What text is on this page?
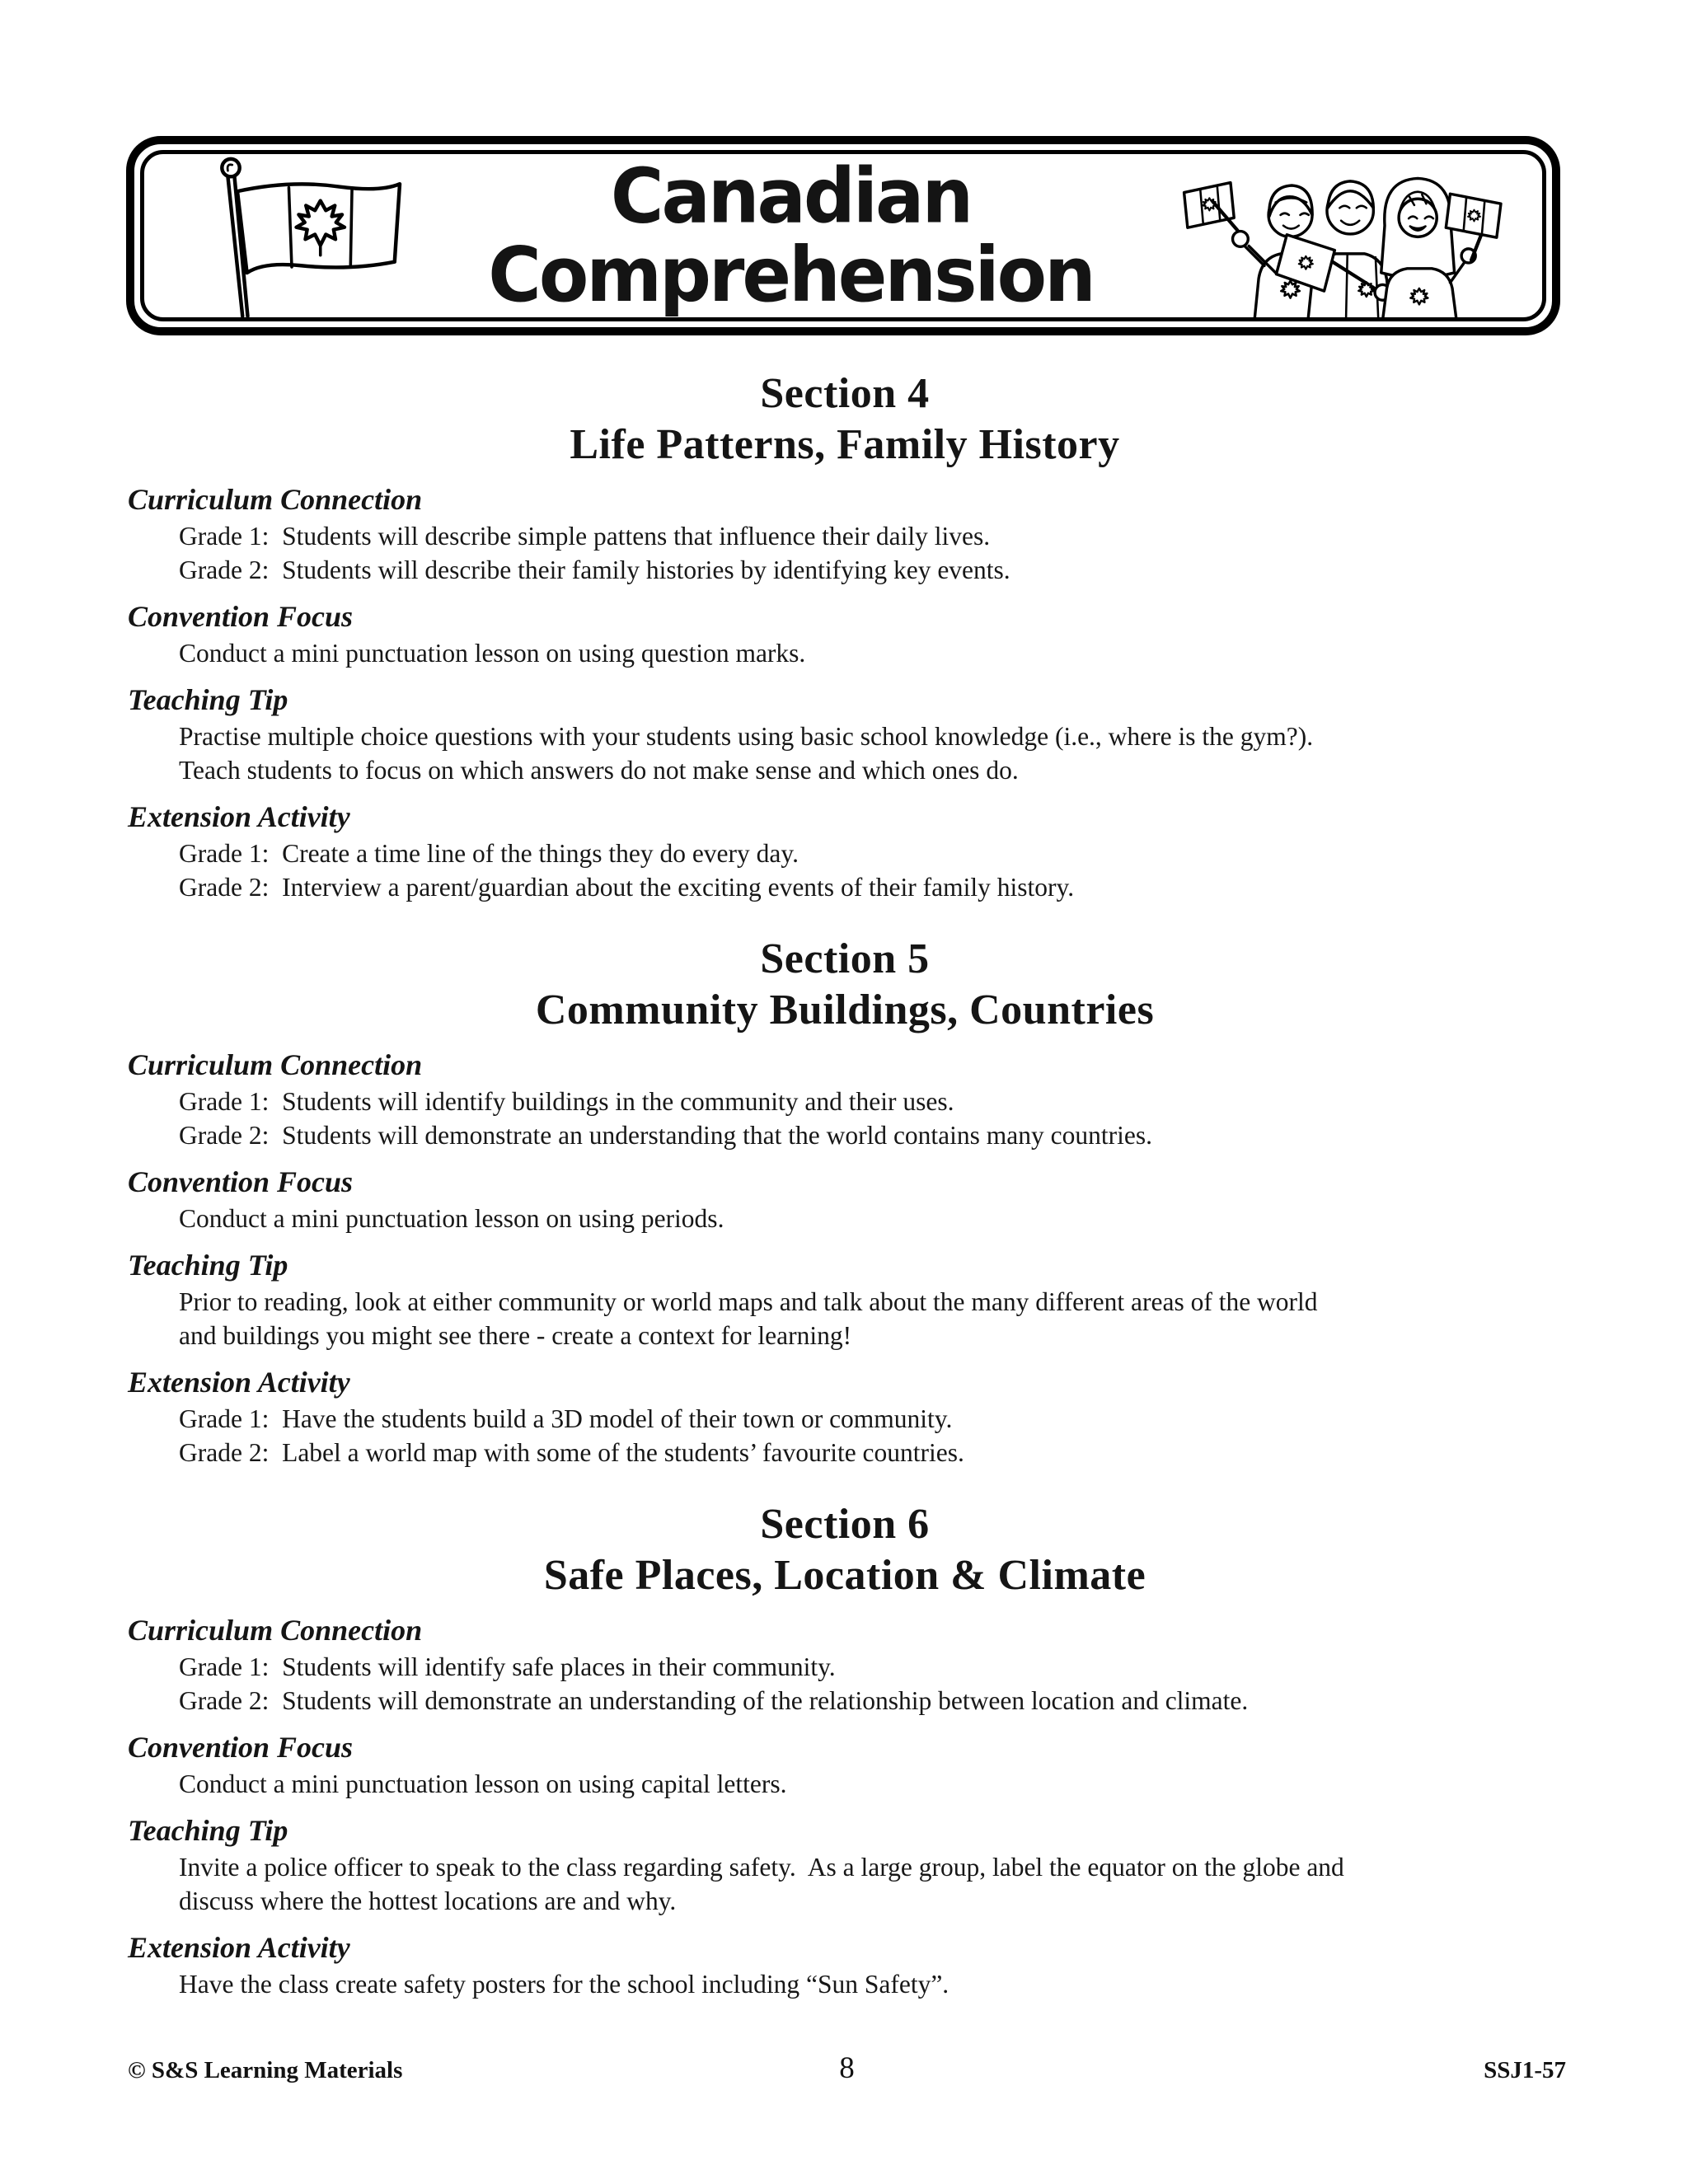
Canadian
Comprehension
Section 4
Life Patterns, Family History
Curriculum Connection

Grade 1:  Students will describe simple pattens that influence their daily lives.

Grade 2:  Students will describe their family histories by identifying key events.

Convention Focus

Conduct a mini punctuation lesson on using question marks.

Teaching Tip

Practise multiple choice questions with your students using basic school knowledge (i.e., where is the gym?).

Teach students to focus on which answers do not make sense and which ones do.

Extension Activity

Grade 1:  Create a time line of the things they do every day.

Grade 2:  Interview a parent/guardian about the exciting events of their family history.

Section 5
Community Buildings, Countries
Curriculum Connection

Grade 1:  Students will identify buildings in the community and their uses.

Grade 2:  Students will demonstrate an understanding that the world contains many countries.

Convention Focus

Conduct a mini punctuation lesson on using periods.

Teaching Tip

Prior to reading, look at either community or world maps and talk about the many different areas of the world

and buildings you might see there - create a context for learning!

Extension Activity

Grade 1:  Have the students build a 3D model of their town or community.

Grade 2:  Label a world map with some of the students’ favourite countries.

Section 6
Safe Places, Location & Climate
Curriculum Connection

Grade 1:  Students will identify safe places in their community.

Grade 2:  Students will demonstrate an understanding of the relationship between location and climate.

Convention Focus

Conduct a mini punctuation lesson on using capital letters.

Teaching Tip

Invite a police officer to speak to the class regarding safety.  As a large group, label the equator on the globe and

discuss where the hottest locations are and why.

Extension Activity

Have the class create safety posters for the school including “Sun Safety”.

© S&S Learning Materials	8	SSJ1-57
